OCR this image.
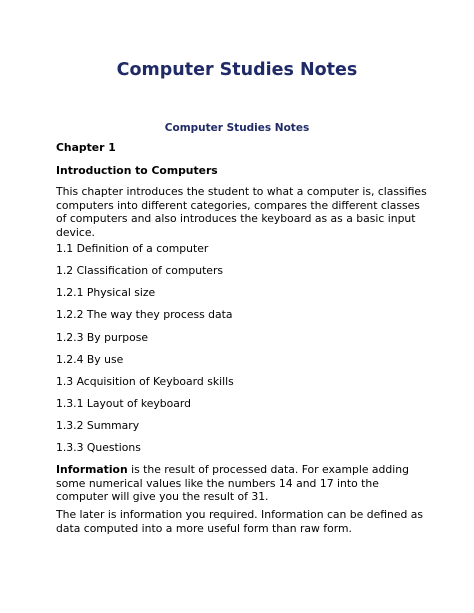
Computer Studies Notes
Computer Studies Notes
Chapter 1
Introduction to Computers
This chapter introduces the student to what a computer is, classifies
computers into different categories, compares the different classes
of computers and also introduces the keyboard as as a basic input
device.
1.1 Definition of a computer
1.2 Classification of computers
1.2.1 Physical size
1.2.2 The way they process data
1.2.3 By purpose
1.2.4 By use
1.3 Acquisition of Keyboard skills
1.3.1 Layout of keyboard
1.3.2 Summary
1.3.3 Questions
Information is the result of processed data. For example adding
some numerical values like the numbers 14 and 17 into the
computer will give you the result of 31.
The later is information you required. Information can be defined as
data computed into a more useful form than raw form.
